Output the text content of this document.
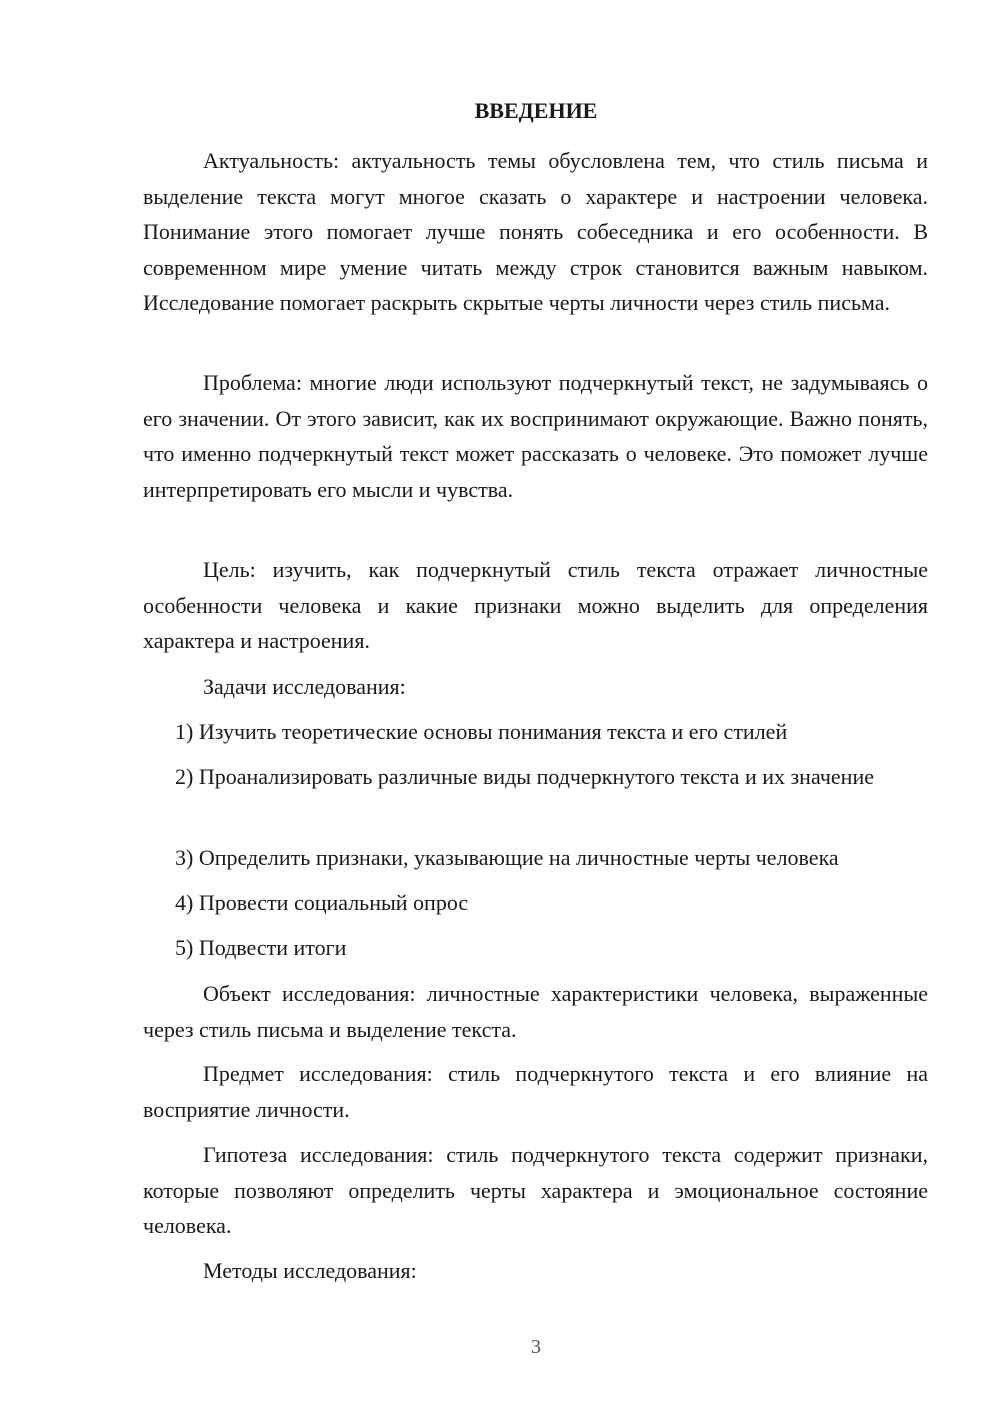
ВВЕДЕНИЕ

Актуальность: актуальность темы обусловлена тем, что стиль письма и выделение текста могут многое сказать о характере и настроении человека. Понимание этого помогает лучше понять собеседника и его особенности. В современном мире умение читать между строк становится важным навыком. Исследование помогает раскрыть скрытые черты личности через стиль письма.

Проблема: многие люди используют подчеркнутый текст, не задумываясь о его значении. От этого зависит, как их воспринимают окружающие. Важно понять, что именно подчеркнутый текст может рассказать о человеке. Это поможет лучше интерпретировать его мысли и чувства.

Цель: изучить, как подчеркнутый стиль текста отражает личностные особенности человека и какие признаки можно выделить для определения характера и настроения.

Задачи исследования:

1) Изучить теоретические основы понимания текста и его стилей

2) Проанализировать различные виды подчеркнутого текста и их значение

3) Определить признаки, указывающие на личностные черты человека

4) Провести социальный опрос

5) Подвести итоги

Объект исследования: личностные характеристики человека, выраженные через стиль письма и выделение текста.

Предмет исследования: стиль подчеркнутого текста и его влияние на восприятие личности.

Гипотеза исследования: стиль подчеркнутого текста содержит признаки, которые позволяют определить черты характера и эмоциональное состояние человека.

Методы исследования:

3
